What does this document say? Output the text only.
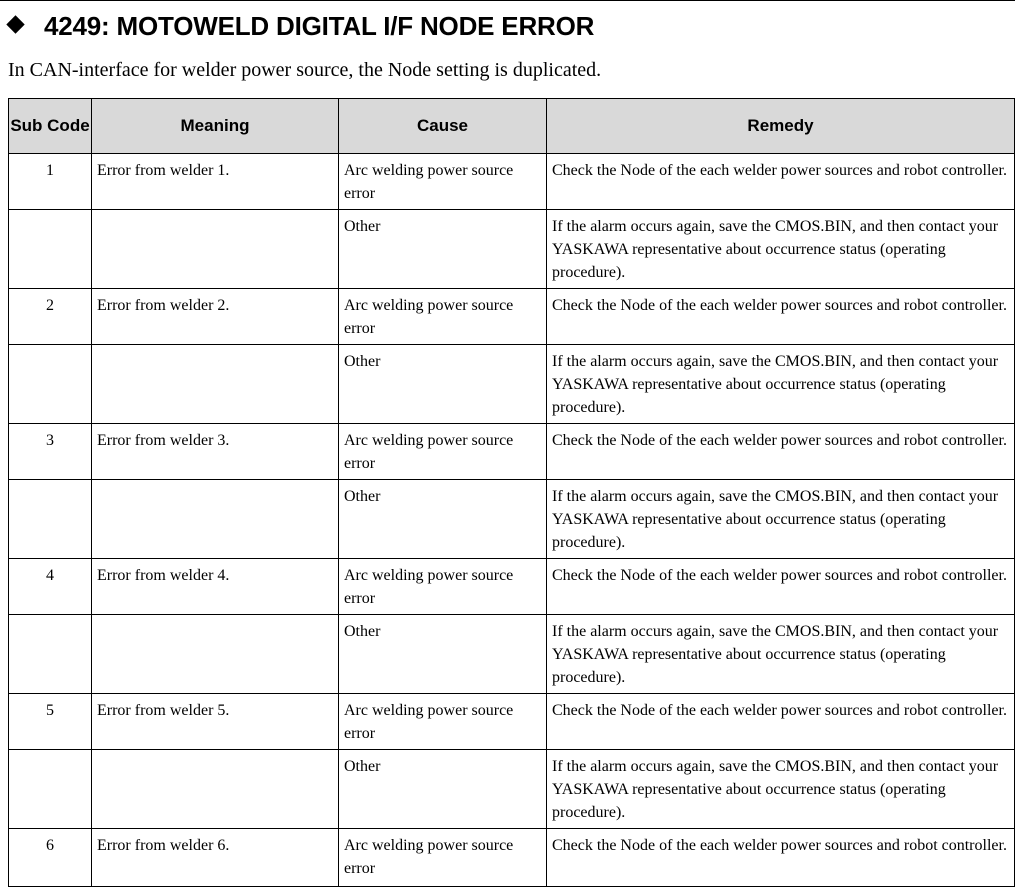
4249: MOTOWELD DIGITAL I/F NODE ERROR
In CAN-interface for welder power source, the Node setting is duplicated.
Sub Code	Meaning	Cause	Remedy
1	Error from welder 1.	Arc welding power source error	Check the Node of the each welder power sources and robot controller.
		Other	If the alarm occurs again, save the CMOS.BIN, and then contact your YASKAWA representative about occurrence status (operating procedure).
2	Error from welder 2.	Arc welding power source error	Check the Node of the each welder power sources and robot controller.
		Other	If the alarm occurs again, save the CMOS.BIN, and then contact your YASKAWA representative about occurrence status (operating procedure).
3	Error from welder 3.	Arc welding power source error	Check the Node of the each welder power sources and robot controller.
		Other	If the alarm occurs again, save the CMOS.BIN, and then contact your YASKAWA representative about occurrence status (operating procedure).
4	Error from welder 4.	Arc welding power source error	Check the Node of the each welder power sources and robot controller.
		Other	If the alarm occurs again, save the CMOS.BIN, and then contact your YASKAWA representative about occurrence status (operating procedure).
5	Error from welder 5.	Arc welding power source error	Check the Node of the each welder power sources and robot controller.
		Other	If the alarm occurs again, save the CMOS.BIN, and then contact your YASKAWA representative about occurrence status (operating procedure).
6	Error from welder 6.	Arc welding power source error	Check the Node of the each welder power sources and robot controller.
